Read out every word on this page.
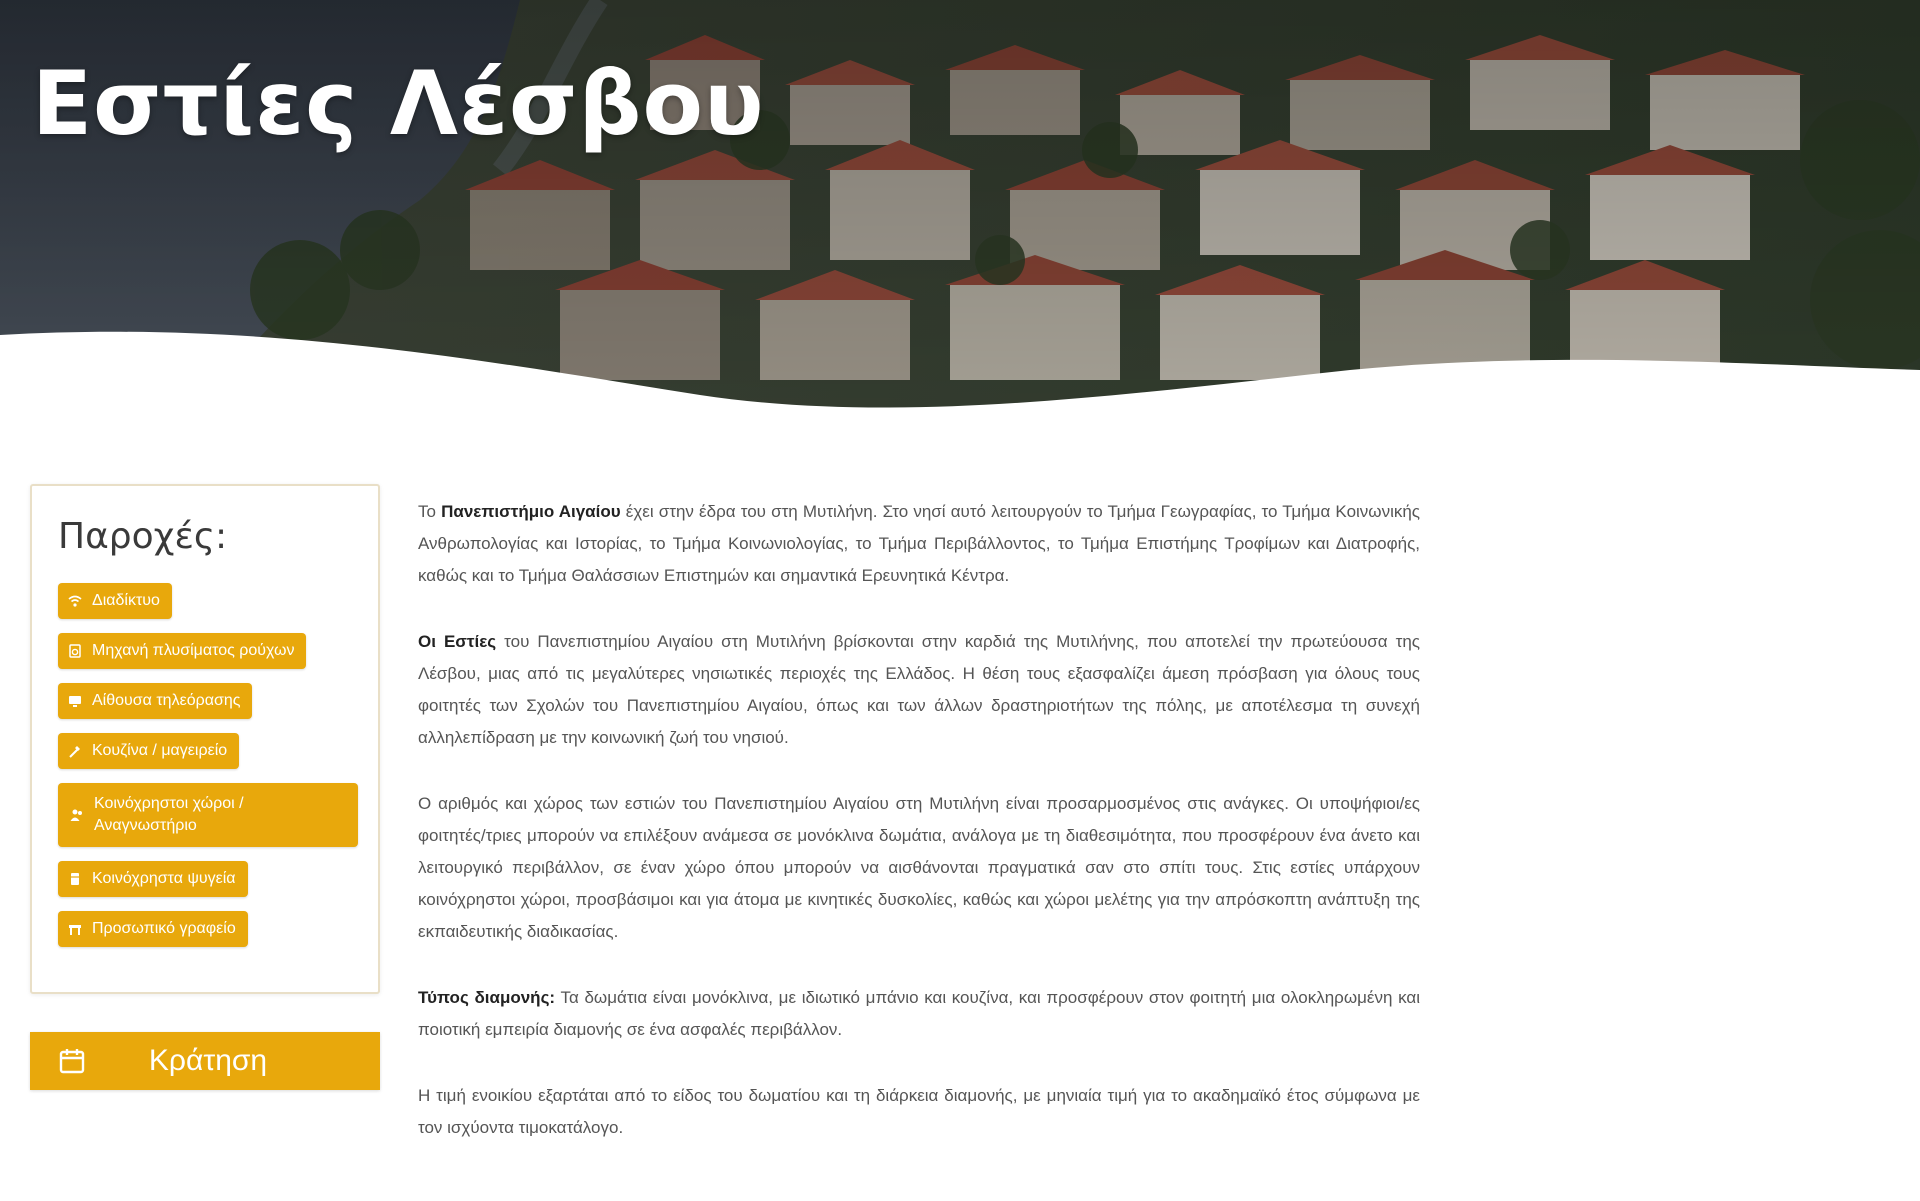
Εστίες Λέσβου
Παροχές:
Διαδίκτυο
Μηχανή πλυσίματος ρούχων
Αίθουσα τηλεόρασης
Κουζίνα / μαγειρείο
Κοινόχρηστοι χώροι / Αναγνωστήριο
Κοινόχρηστα ψυγεία
Προσωπικό γραφείο
Κράτηση

Το Πανεπιστήμιο Αιγαίου έχει στην έδρα του στη Μυτιλήνη. Στο νησί αυτό λειτουργούν το Τμήμα Γεωγραφίας, το Τμήμα Κοινωνικής Ανθρωπολογίας και Ιστορίας, το Τμήμα Κοινωνιολογίας, το Τμήμα Περιβάλλοντος, το Τμήμα Επιστήμης Τροφίμων και Διατροφής, καθώς και το Τμήμα Θαλάσσιων Επιστημών και σημαντικά Ερευνητικά Κέντρα.

Οι Εστίες του Πανεπιστημίου Αιγαίου στη Μυτιλήνη βρίσκονται στην καρδιά της Μυτιλήνης, που αποτελεί την πρωτεύουσα της Λέσβου, μιας από τις μεγαλύτερες νησιωτικές περιοχές της Ελλάδος. Η θέση τους εξασφαλίζει άμεση πρόσβαση για όλους τους φοιτητές των Σχολών του Πανεπιστημίου Αιγαίου, όπως και των άλλων δραστηριοτήτων της πόλης, με αποτέλεσμα τη συνεχή αλληλεπίδραση με την κοινωνική ζωή του νησιού.

Ο αριθμός και χώρος των εστιών του Πανεπιστημίου Αιγαίου στη Μυτιλήνη είναι προσαρμοσμένος στις ανάγκες. Οι υποψήφιοι/ες φοιτητές/τριες μπορούν να επιλέξουν ανάμεσα σε μονόκλινα δωμάτια, ανάλογα με τη διαθεσιμότητα, που προσφέρουν ένα άνετο και λειτουργικό περιβάλλον, σε έναν χώρο όπου μπορούν να αισθάνονται πραγματικά σαν στο σπίτι τους. Στις εστίες υπάρχουν κοινόχρηστοι χώροι, προσβάσιμοι και για άτομα με κινητικές δυσκολίες, καθώς και χώροι μελέτης για την απρόσκοπτη ανάπτυξη της εκπαιδευτικής διαδικασίας.

Τύπος διαμονής: Τα δωμάτια είναι μονόκλινα, με ιδιωτικό μπάνιο και κουζίνα, και προσφέρουν στον φοιτητή μια ολοκληρωμένη και ποιοτική εμπειρία διαμονής σε ένα ασφαλές περιβάλλον.

Η τιμή ενοικίου εξαρτάται από το είδος του δωματίου και τη διάρκεια διαμονής, με μηνιαία τιμή για το ακαδημαϊκό έτος σύμφωνα με τον ισχύοντα τιμοκατάλογο.
